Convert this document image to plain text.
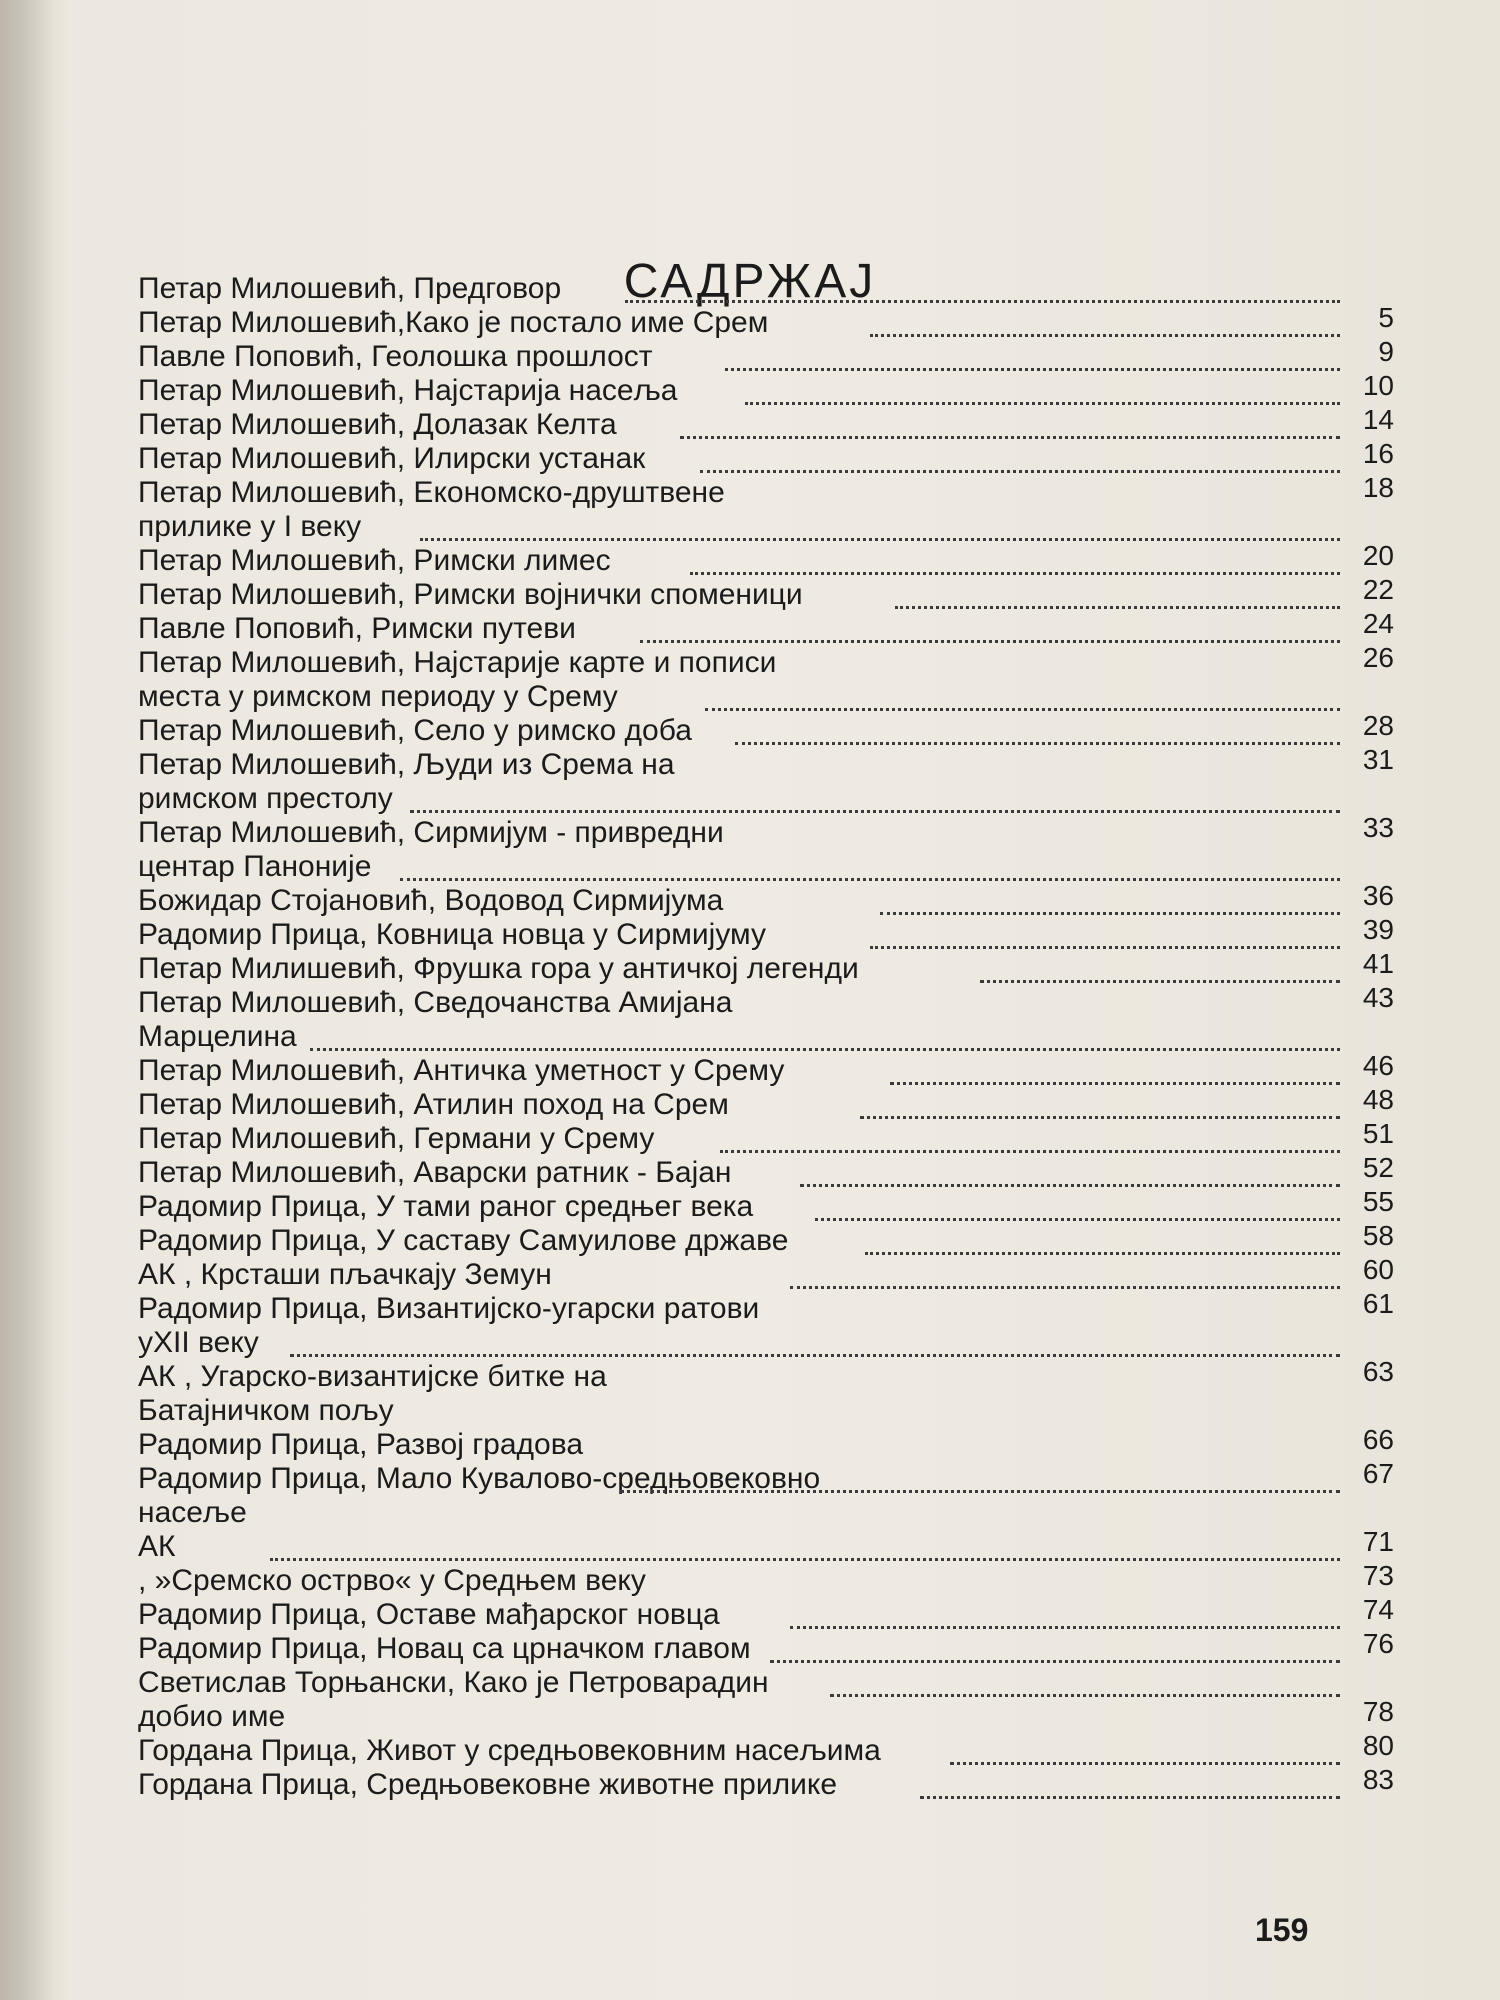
САДРЖАЈ
Петар Милошевић, Предговор
Петар Милошевић,Како је постало име Срем	5
Павле Поповић, Геолошка прошлост	9
Петар Милошевић, Најстарија насеља	10
Петар Милошевић, Долазак Келта	14
Петар Милошевић, Илирски устанак	16
Петар Милошевић, Економско-друштвене	18
прилике у I веку
Петар Милошевић, Римски лимес	20
Петар Милошевић, Римски војнички споменици	22
Павле Поповић, Римски путеви	24
Петар Милошевић, Најстарије карте и пописи	26
места у римском периоду у Срему
Петар Милошевић, Село у римско доба	28
Петар Милошевић, Људи из Срема на	31
римском престолу
Петар Милошевић, Сирмијум - привредни	33
центар Паноније
Божидар Стојановић, Водовод Сирмијума	36
Радомир Прица, Ковница новца у Сирмијуму	39
Петар Милишевић, Фрушка гора у античкој легенди	41
Петар Милошевић, Сведочанства Амијана	43
Марцелина
Петар Милошевић, Античка уметност у Срему	46
Петар Милошевић, Атилин поход на Срем	48
Петар Милошевић, Германи у Срему	51
Петар Милошевић, Аварски ратник - Бајан	52
Радомир Прица, У тами раног средњег века	55
Радомир Прица, У саставу Самуилове државе	58
АК , Крсташи пљачкају Земун	60
Радомир Прица, Византијско-угарски ратови	61
уXII веку
АК , Угарско-византијске битке на	63
Батајничком пољу
Радомир Прица, Развој градова	66
Радомир Прица, Мало Кувалово-средњовековно	67
насеље
АК	71
, »Сремско острво« у Средњем веку	73
Радомир Прица, Оставе мађарског новца	74
Радомир Прица, Новац са црначком главом	76
Светислав Торњански, Како је Петроварадин
добио име	78
Гордана Прица, Живот у средњовековним насељима	80
Гордана Прица, Средњовековне животне прилике	83
159
